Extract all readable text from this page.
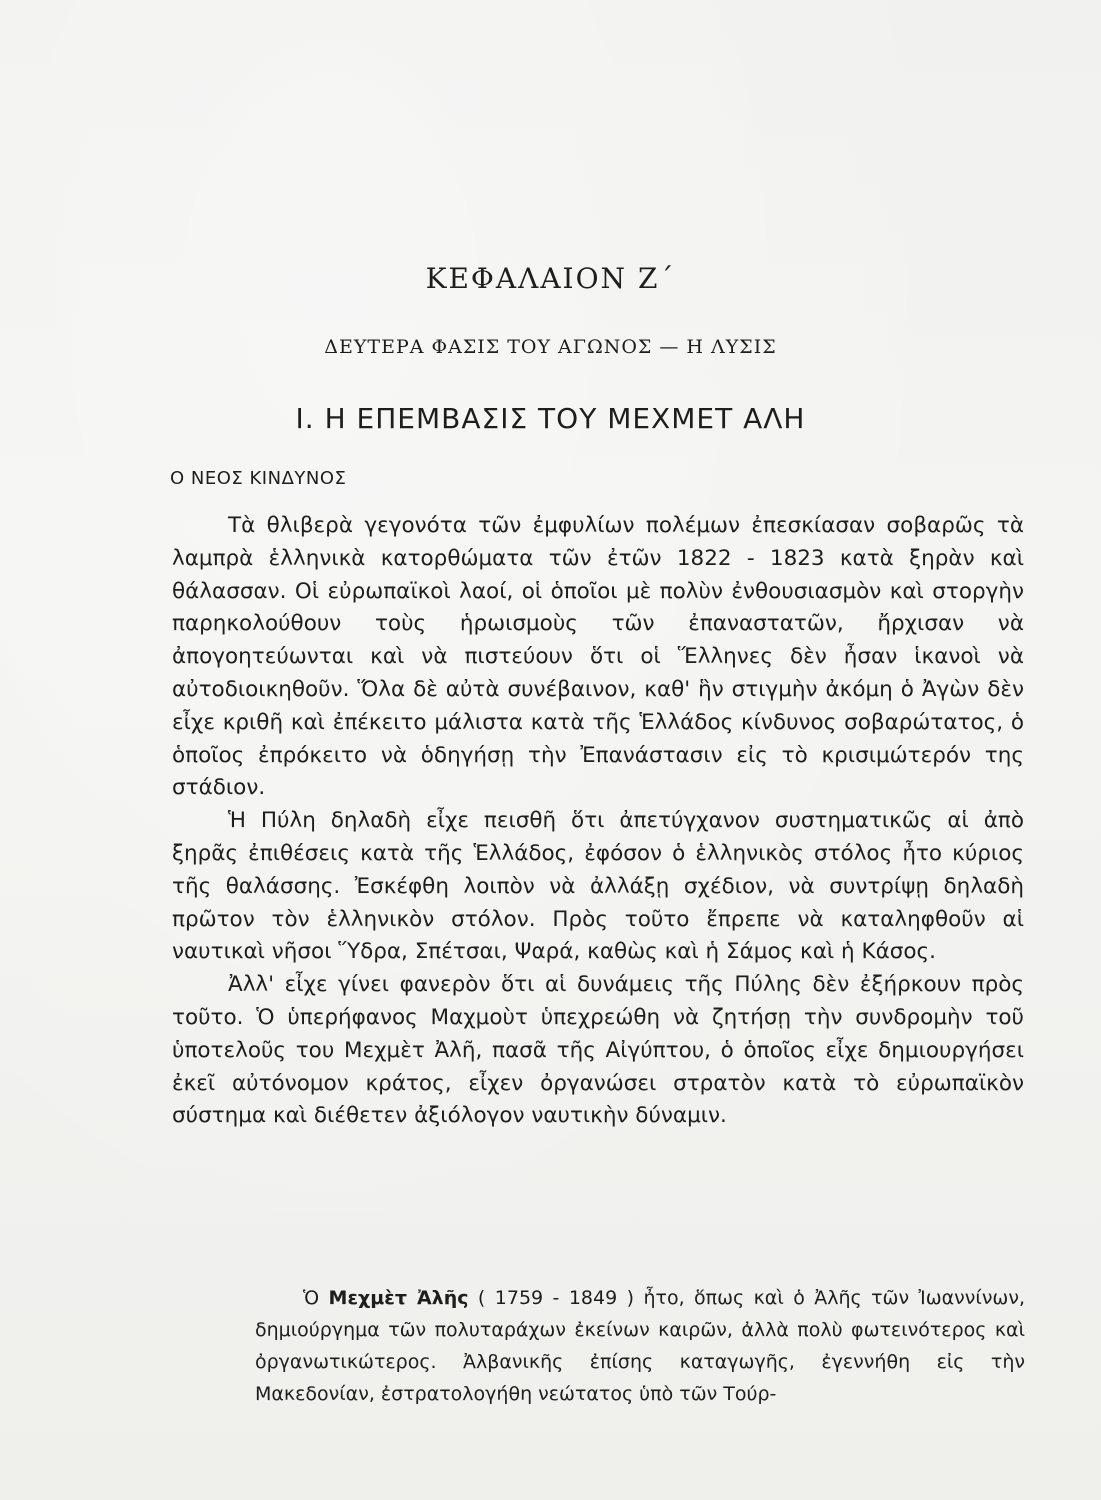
ΚΕΦΑΛΑΙΟΝ Ζ΄
ΔΕΥΤΕΡΑ ΦΑΣΙΣ ΤΟΥ ΑΓΩΝΟΣ — Η ΛΥΣΙΣ
Ι. Η ΕΠΕΜΒΑΣΙΣ ΤΟΥ ΜΕΧΜΕΤ ΑΛΗ
Ο ΝΕΟΣ ΚΙΝΔΥΝΟΣ

Τὰ θλιβερὰ γεγονότα τῶν ἐμφυλίων πολέμων ἐπεσκίασαν σοβαρῶς τὰ λαμπρὰ ἑλληνικὰ κατορθώματα τῶν ἐτῶν 1822 - 1823 κατὰ ξηρὰν καὶ θάλασσαν. Οἱ εὐρωπαϊκοὶ λαοί, οἱ ὁποῖοι μὲ πολὺν ἐνθουσιασμὸν καὶ στοργὴν παρηκολούθουν τοὺς ἡρωισμοὺς τῶν ἐπαναστατῶν, ἤρχισαν νὰ ἀπογοητεύωνται καὶ νὰ πιστεύουν ὅτι οἱ Ἕλληνες δὲν ἦσαν ἱκανοὶ νὰ αὐτοδιοικηθοῦν. Ὅλα δὲ αὐτὰ συνέβαινον, καθ' ἣν στιγμὴν ἀκόμη ὁ Ἀγὼν δὲν εἶχε κριθῆ καὶ ἐπέκειτο μάλιστα κατὰ τῆς Ἑλλάδος κίνδυνος σοβαρώτατος, ὁ ὁποῖος ἐπρόκειτο νὰ ὁδηγήσῃ τὴν Ἐπανάστασιν εἰς τὸ κρισιμώτερόν της στάδιον.

Ἡ Πύλη δηλαδὴ εἶχε πεισθῆ ὅτι ἀπετύγχανον συστηματικῶς αἱ ἀπὸ ξηρᾶς ἐπιθέσεις κατὰ τῆς Ἑλλάδος, ἐφόσον ὁ ἑλληνικὸς στόλος ἦτο κύριος τῆς θαλάσσης. Ἐσκέφθη λοιπὸν νὰ ἀλλάξῃ σχέδιον, νὰ συντρίψῃ δηλαδὴ πρῶτον τὸν ἑλληνικὸν στόλον. Πρὸς τοῦτο ἔπρεπε νὰ καταληφθοῦν αἱ ναυτικαὶ νῆσοι Ὕδρα, Σπέτσαι, Ψαρά, καθὼς καὶ ἡ Σάμος καὶ ἡ Κάσος.

Ἀλλ' εἶχε γίνει φανερὸν ὅτι αἱ δυνάμεις τῆς Πύλης δὲν ἐξήρκουν πρὸς τοῦτο. Ὁ ὑπερήφανος Μαχμοὺτ ὑπεχρεώθη νὰ ζητήσῃ τὴν συνδρομὴν τοῦ ὑποτελοῦς του Μεχμὲτ Ἀλῆ, πασᾶ τῆς Αἰγύπτου, ὁ ὁποῖος εἶχε δημιουργήσει ἐκεῖ αὐτόνομον κράτος, εἶχεν ὀργανώσει στρατὸν κατὰ τὸ εὐρωπαϊκὸν σύστημα καὶ διέθετεν ἀξιόλογον ναυτικὴν δύναμιν.

Ὁ Μεχμὲτ Ἀλῆς ( 1759 - 1849 ) ἦτο, ὅπως καὶ ὁ Ἀλῆς τῶν Ἰωαννίνων, δημιούργημα τῶν πολυταράχων ἐκείνων καιρῶν, ἀλλὰ πολὺ φωτεινότερος καὶ ὀργανωτικώτερος. Ἀλβανικῆς ἐπίσης καταγωγῆς, ἐγεννήθη εἰς τὴν Μακεδονίαν, ἐστρατολογήθη νεώτατος ὑπὸ τῶν Τούρ-
